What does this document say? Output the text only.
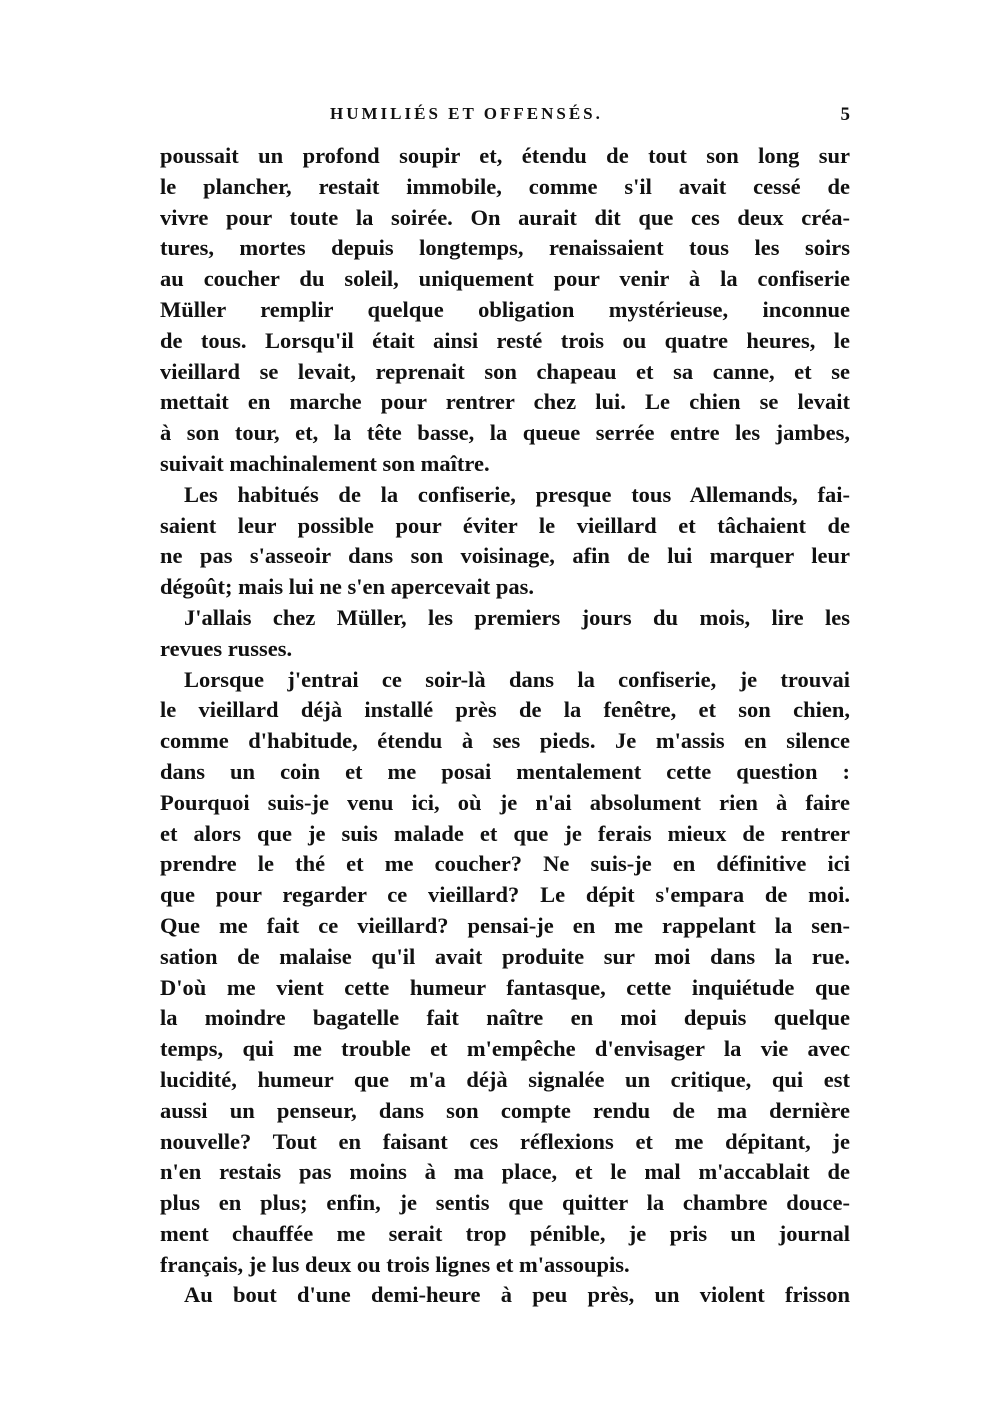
HUMILIÉS ET OFFENSÉS.	5
poussait un profond soupir et, étendu de tout son long sur
le plancher, restait immobile, comme s'il avait cessé de
vivre pour toute la soirée. On aurait dit que ces deux créa-
tures, mortes depuis longtemps, renaissaient tous les soirs
au coucher du soleil, uniquement pour venir à la confiserie
Müller remplir quelque obligation mystérieuse, inconnue
de tous. Lorsqu'il était ainsi resté trois ou quatre heures, le
vieillard se levait, reprenait son chapeau et sa canne, et se
mettait en marche pour rentrer chez lui. Le chien se levait
à son tour, et, la tête basse, la queue serrée entre les jambes,
suivait machinalement son maître.
Les habitués de la confiserie, presque tous Allemands, fai-
saient leur possible pour éviter le vieillard et tâchaient de
ne pas s'asseoir dans son voisinage, afin de lui marquer leur
dégoût; mais lui ne s'en apercevait pas.
J'allais chez Müller, les premiers jours du mois, lire les
revues russes.
Lorsque j'entrai ce soir-là dans la confiserie, je trouvai
le vieillard déjà installé près de la fenêtre, et son chien,
comme d'habitude, étendu à ses pieds. Je m'assis en silence
dans un coin et me posai mentalement cette question :
Pourquoi suis-je venu ici, où je n'ai absolument rien à faire
et alors que je suis malade et que je ferais mieux de rentrer
prendre le thé et me coucher? Ne suis-je en définitive ici
que pour regarder ce vieillard? Le dépit s'empara de moi.
Que me fait ce vieillard? pensai-je en me rappelant la sen-
sation de malaise qu'il avait produite sur moi dans la rue.
D'où me vient cette humeur fantasque, cette inquiétude que
la moindre bagatelle fait naître en moi depuis quelque
temps, qui me trouble et m'empêche d'envisager la vie avec
lucidité, humeur que m'a déjà signalée un critique, qui est
aussi un penseur, dans son compte rendu de ma dernière
nouvelle? Tout en faisant ces réflexions et me dépitant, je
n'en restais pas moins à ma place, et le mal m'accablait de
plus en plus; enfin, je sentis que quitter la chambre douce-
ment chauffée me serait trop pénible, je pris un journal
français, je lus deux ou trois lignes et m'assoupis.
Au bout d'une demi-heure à peu près, un violent frisson
